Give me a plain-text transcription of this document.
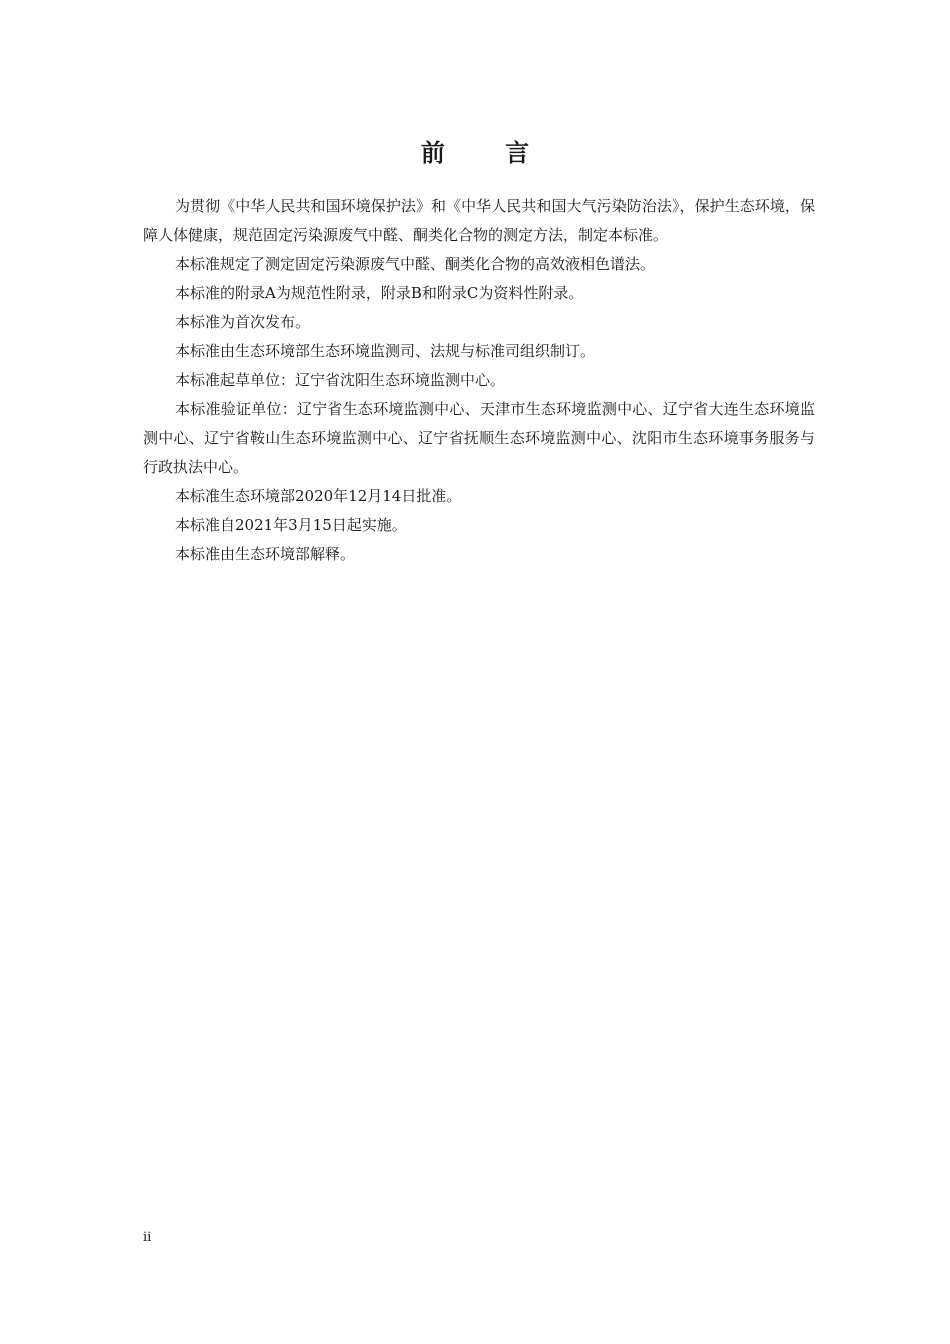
前 言

为贯彻《中华人民共和国环境保护法》和《中华人民共和国大气污染防治法》，保护生态环境，保障人体健康，规范固定污染源废气中醛、酮类化合物的测定方法，制定本标准。

本标准规定了测定固定污染源废气中醛、酮类化合物的高效液相色谱法。

本标准的附录A为规范性附录，附录B和附录C为资料性附录。

本标准为首次发布。

本标准由生态环境部生态环境监测司、法规与标准司组织制订。

本标准起草单位：辽宁省沈阳生态环境监测中心。

本标准验证单位：辽宁省生态环境监测中心、天津市生态环境监测中心、辽宁省大连生态环境监测中心、辽宁省鞍山生态环境监测中心、辽宁省抚顺生态环境监测中心、沈阳市生态环境事务服务与行政执法中心。

本标准生态环境部2020年12月14日批准。

本标准自2021年3月15日起实施。

本标准由生态环境部解释。

ii
